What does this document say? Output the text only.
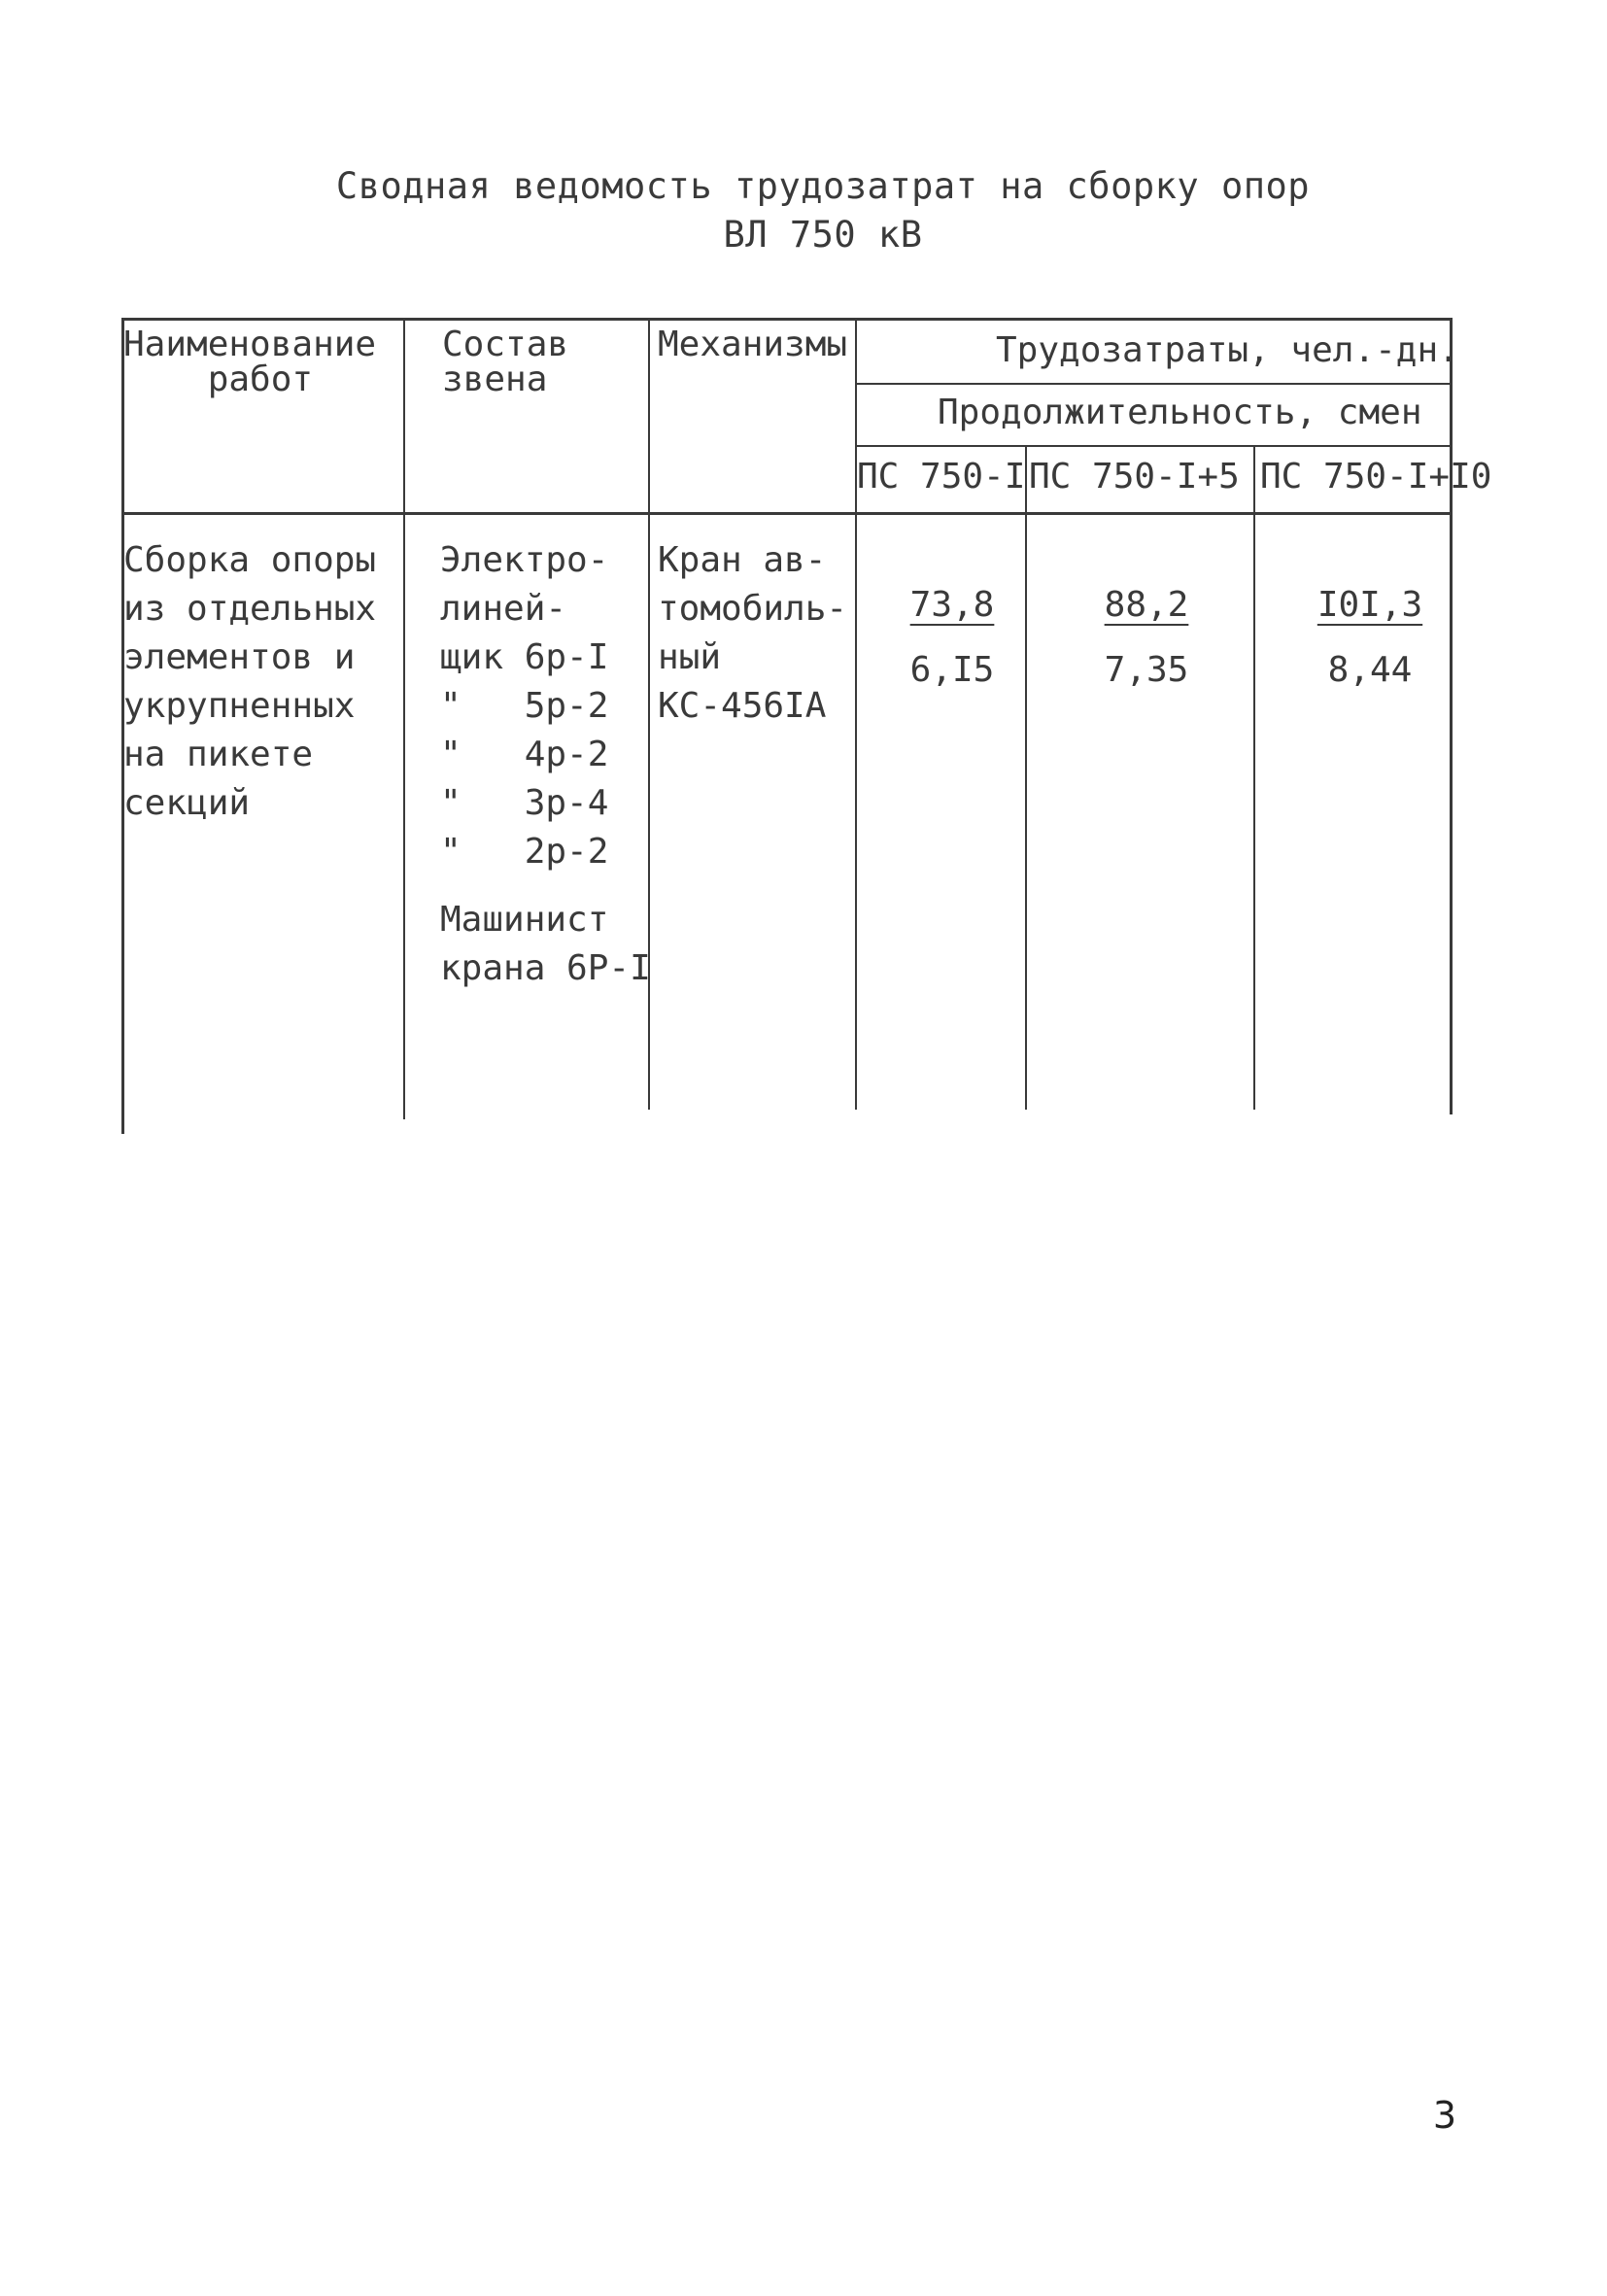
Сводная ведомость трудозатрат на сборку опор
ВЛ 750 кВ
Наименование
работ
Состав
звена
Механизмы	Трудозатраты, чел.-дн.
Продолжительность, смен
ПС 750-I ПС 750-I+5 ПС 750-I+I0
Сборка опоры
из отдельных
элементов и
укрупненных
на пикете
секций
Электро-
линей-
щик 6р-I
"   5р-2
"   4р-2
"   3р-4
"   2р-2
Машинист
крана 6Р-I
Кран ав-
томобиль-
ный
КС-456IA
73,8
6,I5
88,2
7,35
I0I,3
8,44
3
